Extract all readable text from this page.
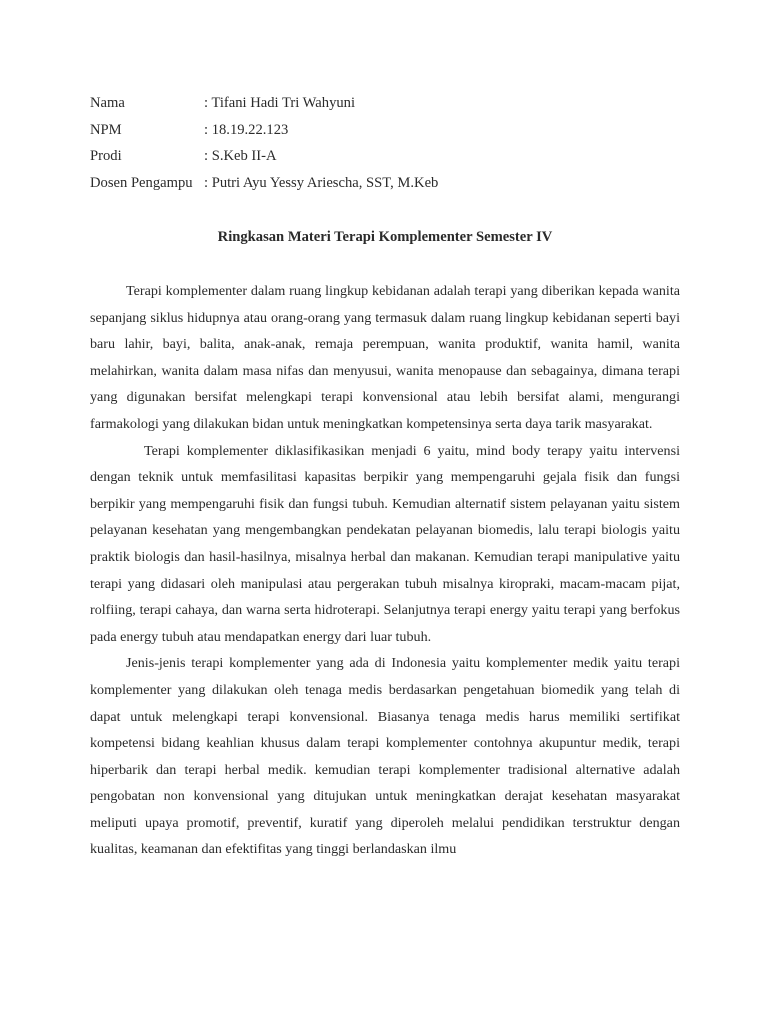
Nama	: Tifani Hadi Tri Wahyuni
NPM	: 18.19.22.123
Prodi	: S.Keb II-A
Dosen Pengampu : Putri Ayu Yessy Ariescha, SST, M.Keb
Ringkasan Materi Terapi Komplementer Semester IV

Terapi komplementer dalam ruang lingkup kebidanan adalah terapi yang diberikan kepada wanita sepanjang siklus hidupnya atau orang-orang yang termasuk dalam ruang lingkup kebidanan seperti bayi baru lahir, bayi, balita, anak-anak, remaja perempuan, wanita produktif, wanita hamil, wanita melahirkan, wanita dalam masa nifas dan menyusui, wanita menopause dan sebagainya, dimana terapi yang digunakan bersifat melengkapi terapi konvensional atau lebih bersifat alami, mengurangi farmakologi yang dilakukan bidan untuk meningkatkan kompetensinya serta daya tarik masyarakat.

Terapi komplementer diklasifikasikan menjadi 6 yaitu, mind body terapy yaitu intervensi dengan teknik untuk memfasilitasi kapasitas berpikir yang mempengaruhi gejala fisik dan fungsi berpikir yang mempengaruhi fisik dan fungsi tubuh. Kemudian alternatif sistem pelayanan yaitu sistem pelayanan kesehatan yang mengembangkan pendekatan pelayanan biomedis, lalu terapi biologis yaitu praktik biologis dan hasil-hasilnya, misalnya herbal dan makanan. Kemudian terapi manipulative yaitu terapi yang didasari oleh manipulasi atau pergerakan tubuh misalnya kiropraki, macam-macam pijat, rolfiing, terapi cahaya, dan warna serta hidroterapi. Selanjutnya terapi energy yaitu terapi yang berfokus pada energy tubuh atau mendapatkan energy dari luar tubuh.

Jenis-jenis terapi komplementer yang ada di Indonesia yaitu komplementer medik yaitu terapi komplementer yang dilakukan oleh tenaga medis berdasarkan pengetahuan biomedik yang telah di dapat untuk melengkapi terapi konvensional. Biasanya tenaga medis harus memiliki sertifikat kompetensi bidang keahlian khusus dalam terapi komplementer contohnya akupuntur medik, terapi hiperbarik dan terapi herbal medik. kemudian terapi komplementer tradisional alternative adalah pengobatan non konvensional yang ditujukan untuk meningkatkan derajat kesehatan masyarakat meliputi upaya promotif, preventif, kuratif yang diperoleh melalui pendidikan terstruktur dengan kualitas, keamanan dan efektifitas yang tinggi berlandaskan ilmu
